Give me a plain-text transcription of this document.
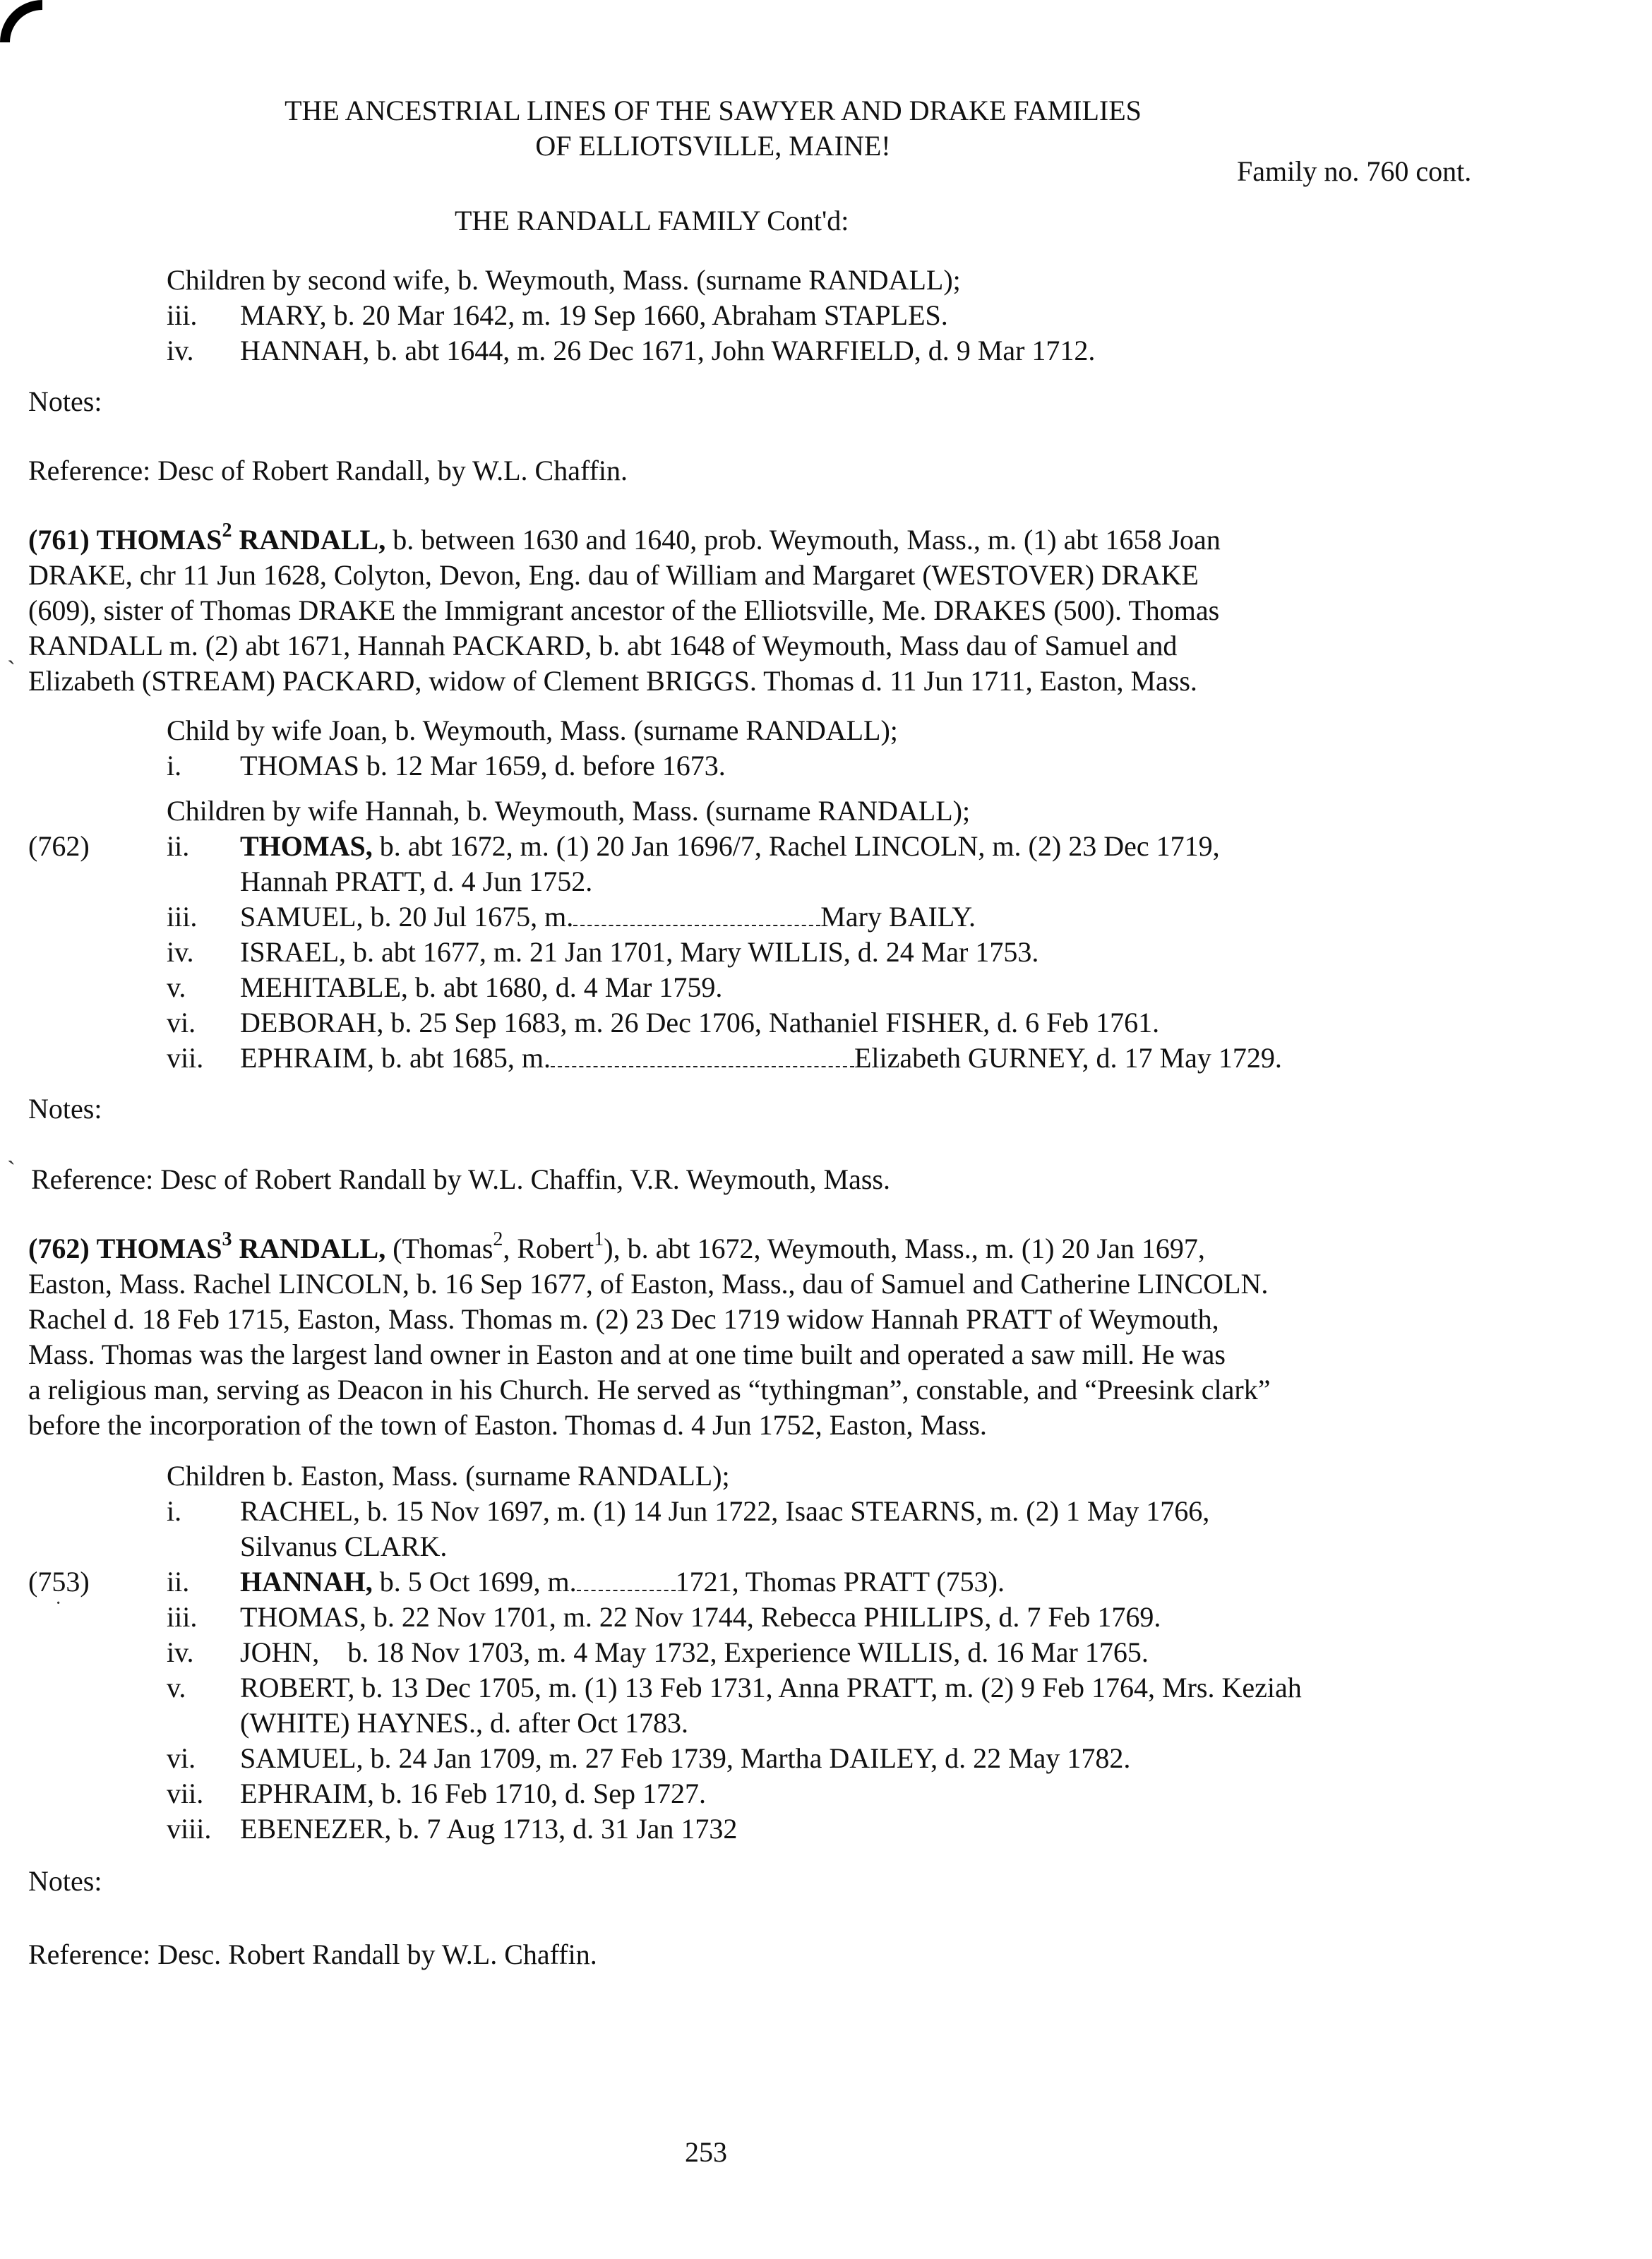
THE ANCESTRIAL LINES OF THE SAWYER AND DRAKE FAMILIES
OF ELLIOTSVILLE, MAINE!
Family no. 760 cont.
THE RANDALL FAMILY Cont'd:
Children by second wife, b. Weymouth, Mass. (surname RANDALL);
iii. MARY, b. 20 Mar 1642, m. 19 Sep 1660, Abraham STAPLES.
iv. HANNAH, b. abt 1644, m. 26 Dec 1671, John WARFIELD, d. 9 Mar 1712.
Notes:
Reference: Desc of Robert Randall, by W.L. Chaffin.
(761) THOMAS$^2$ RANDALL, b. between 1630 and 1640, prob. Weymouth, Mass., m. (1) abt 1658 Joan
DRAKE, chr 11 Jun 1628, Colyton, Devon, Eng. dau of William and Margaret (WESTOVER) DRAKE
(609), sister of Thomas DRAKE the Immigrant ancestor of the Elliotsville, Me. DRAKES (500). Thomas
RANDALL m. (2) abt 1671, Hannah PACKARD, b. abt 1648 of Weymouth, Mass dau of Samuel and
Elizabeth (STREAM) PACKARD, widow of Clement BRIGGS. Thomas d. 11 Jun 1711, Easton, Mass.
ˏ
Child by wife Joan, b. Weymouth, Mass. (surname RANDALL);
i. THOMAS b. 12 Mar 1659, d. before 1673.
Children by wife Hannah, b. Weymouth, Mass. (surname RANDALL);
(762)	ii. THOMAS, b. abt 1672, m. (1) 20 Jan 1696/7, Rachel LINCOLN, m. (2) 23 Dec 1719,
Hannah PRATT, d. 4 Jun 1752.
iii. SAMUEL, b. 20 Jul 1675, m.	Mary BAILY.
iv. ISRAEL, b. abt 1677, m. 21 Jan 1701, Mary WILLIS, d. 24 Mar 1753.
v. MEHITABLE, b. abt 1680, d. 4 Mar 1759.
vi. DEBORAH, b. 25 Sep 1683, m. 26 Dec 1706, Nathaniel FISHER, d. 6 Feb 1761.
vii. EPHRAIM, b. abt 1685, m.	Elizabeth GURNEY, d. 17 May 1729.
Notes:
ˋ Reference: Desc of Robert Randall by W.L. Chaffin, V.R. Weymouth, Mass.
(762) THOMAS$^3$ RANDALL, (Thomas$^2$, Robert$^1$), b. abt 1672, Weymouth, Mass., m. (1) 20 Jan 1697,
Easton, Mass. Rachel LINCOLN, b. 16 Sep 1677, of Easton, Mass., dau of Samuel and Catherine LINCOLN.
Rachel d. 18 Feb 1715, Easton, Mass. Thomas m. (2) 23 Dec 1719 widow Hannah PRATT of Weymouth,
Mass. Thomas was the largest land owner in Easton and at one time built and operated a saw mill. He was
a religious man, serving as Deacon in his Church. He served as “tythingman”, constable, and “Preesink clark”
before the incorporation of the town of Easton. Thomas d. 4 Jun 1752, Easton, Mass.
Children b. Easton, Mass. (surname RANDALL);
i. RACHEL, b. 15 Nov 1697, m. (1) 14 Jun 1722, Isaac STEARNS, m. (2) 1 May 1766,
Silvanus CLARK.
(753)
·
ii. HANNAH, b. 5 Oct 1699, m.	1721, Thomas PRATT (753).
iii. THOMAS, b. 22 Nov 1701, m. 22 Nov 1744, Rebecca PHILLIPS, d. 7 Feb 1769.
iv. JOHN,    b. 18 Nov 1703, m. 4 May 1732, Experience WILLIS, d. 16 Mar 1765.
v. ROBERT, b. 13 Dec 1705, m. (1) 13 Feb 1731, Anna PRATT, m. (2) 9 Feb 1764, Mrs. Keziah
(WHITE) HAYNES., d. after Oct 1783.
vi. SAMUEL, b. 24 Jan 1709, m. 27 Feb 1739, Martha DAILEY, d. 22 May 1782.
vii. EPHRAIM, b. 16 Feb 1710, d. Sep 1727.
viii. EBENEZER, b. 7 Aug 1713, d. 31 Jan 1732
Notes:
Reference: Desc. Robert Randall by W.L. Chaffin.
253
